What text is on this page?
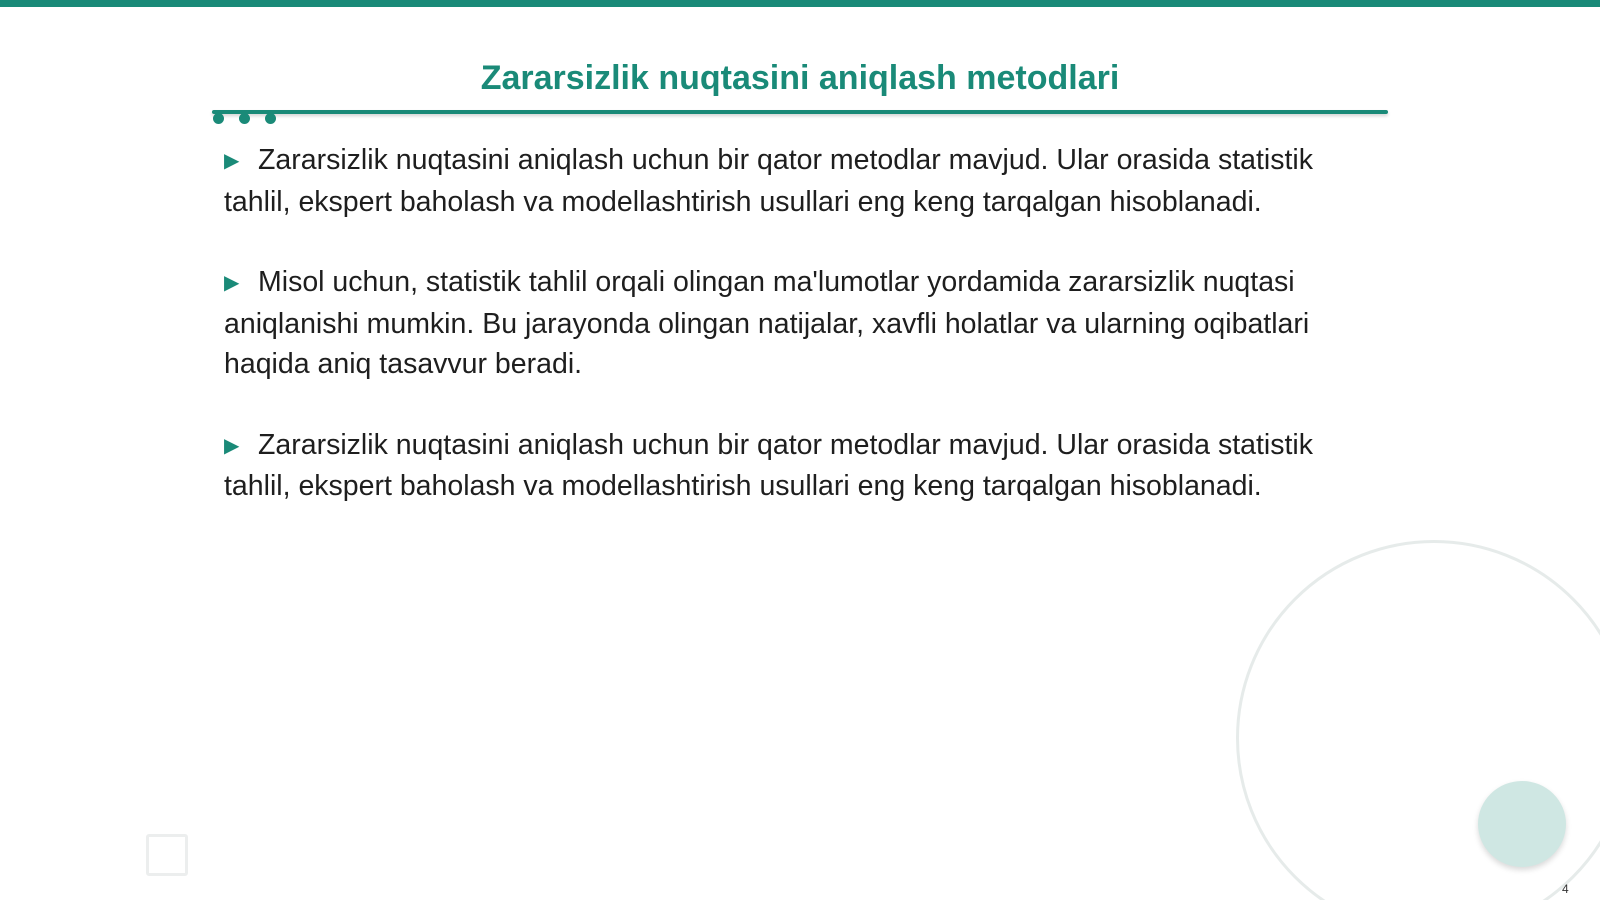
Zararsizlik nuqtasini aniqlash metodlari

▶ Zararsizlik nuqtasini aniqlash uchun bir qator metodlar mavjud. Ular orasida statistik tahlil, ekspert baholash va modellashtirish usullari eng keng tarqalgan hisoblanadi.

▶ Misol uchun, statistik tahlil orqali olingan ma'lumotlar yordamida zararsizlik nuqtasi aniqlanishi mumkin. Bu jarayonda olingan natijalar, xavfli holatlar va ularning oqibatlari haqida aniq tasavvur beradi.

▶ Zararsizlik nuqtasini aniqlash uchun bir qator metodlar mavjud. Ular orasida statistik tahlil, ekspert baholash va modellashtirish usullari eng keng tarqalgan hisoblanadi.

4
